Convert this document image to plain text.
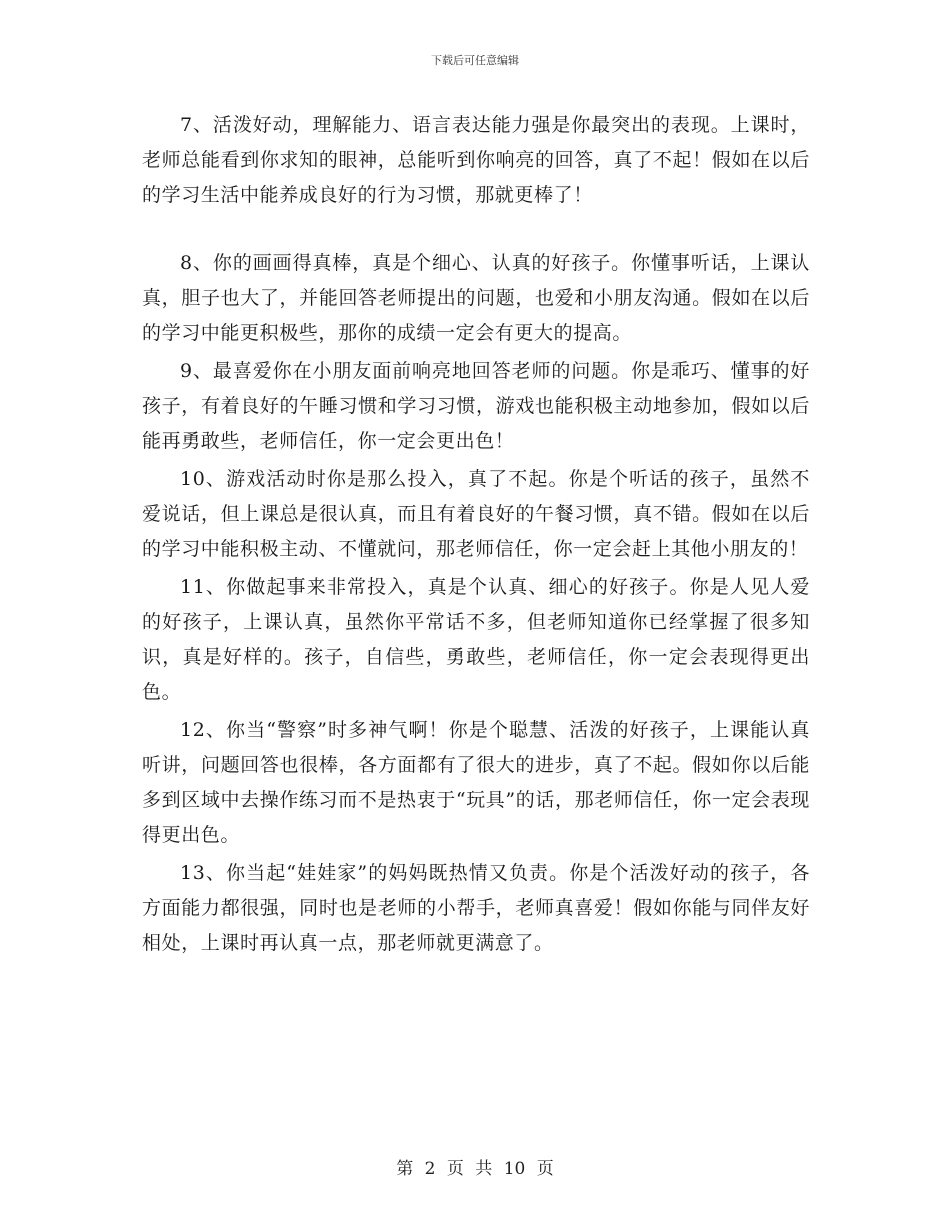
下载后可任意编辑

7、活泼好动，理解能力、语言表达能力强是你最突出的表现。上课时，老师总能看到你求知的眼神，总能听到你响亮的回答，真了不起！假如在以后的学习生活中能养成良好的行为习惯，那就更棒了！

8、你的画画得真棒，真是个细心、认真的好孩子。你懂事听话，上课认真，胆子也大了，并能回答老师提出的问题，也爱和小朋友沟通。假如在以后的学习中能更积极些，那你的成绩一定会有更大的提高。

9、最喜爱你在小朋友面前响亮地回答老师的问题。你是乖巧、懂事的好孩子，有着良好的午睡习惯和学习习惯，游戏也能积极主动地参加，假如以后能再勇敢些，老师信任，你一定会更出色！

10、游戏活动时你是那么投入，真了不起。你是个听话的孩子，虽然不爱说话，但上课总是很认真，而且有着良好的午餐习惯，真不错。假如在以后的学习中能积极主动、不懂就问，那老师信任，你一定会赶上其他小朋友的！

11、你做起事来非常投入，真是个认真、细心的好孩子。你是人见人爱的好孩子，上课认真，虽然你平常话不多，但老师知道你已经掌握了很多知识，真是好样的。孩子，自信些，勇敢些，老师信任，你一定会表现得更出色。

12、你当“警察”时多神气啊！你是个聪慧、活泼的好孩子，上课能认真听讲，问题回答也很棒，各方面都有了很大的进步，真了不起。假如你以后能多到区域中去操作练习而不是热衷于“玩具”的话，那老师信任，你一定会表现得更出色。

13、你当起“娃娃家”的妈妈既热情又负责。你是个活泼好动的孩子，各方面能力都很强，同时也是老师的小帮手，老师真喜爱！假如你能与同伴友好相处，上课时再认真一点，那老师就更满意了。

第 2 页 共 10 页
